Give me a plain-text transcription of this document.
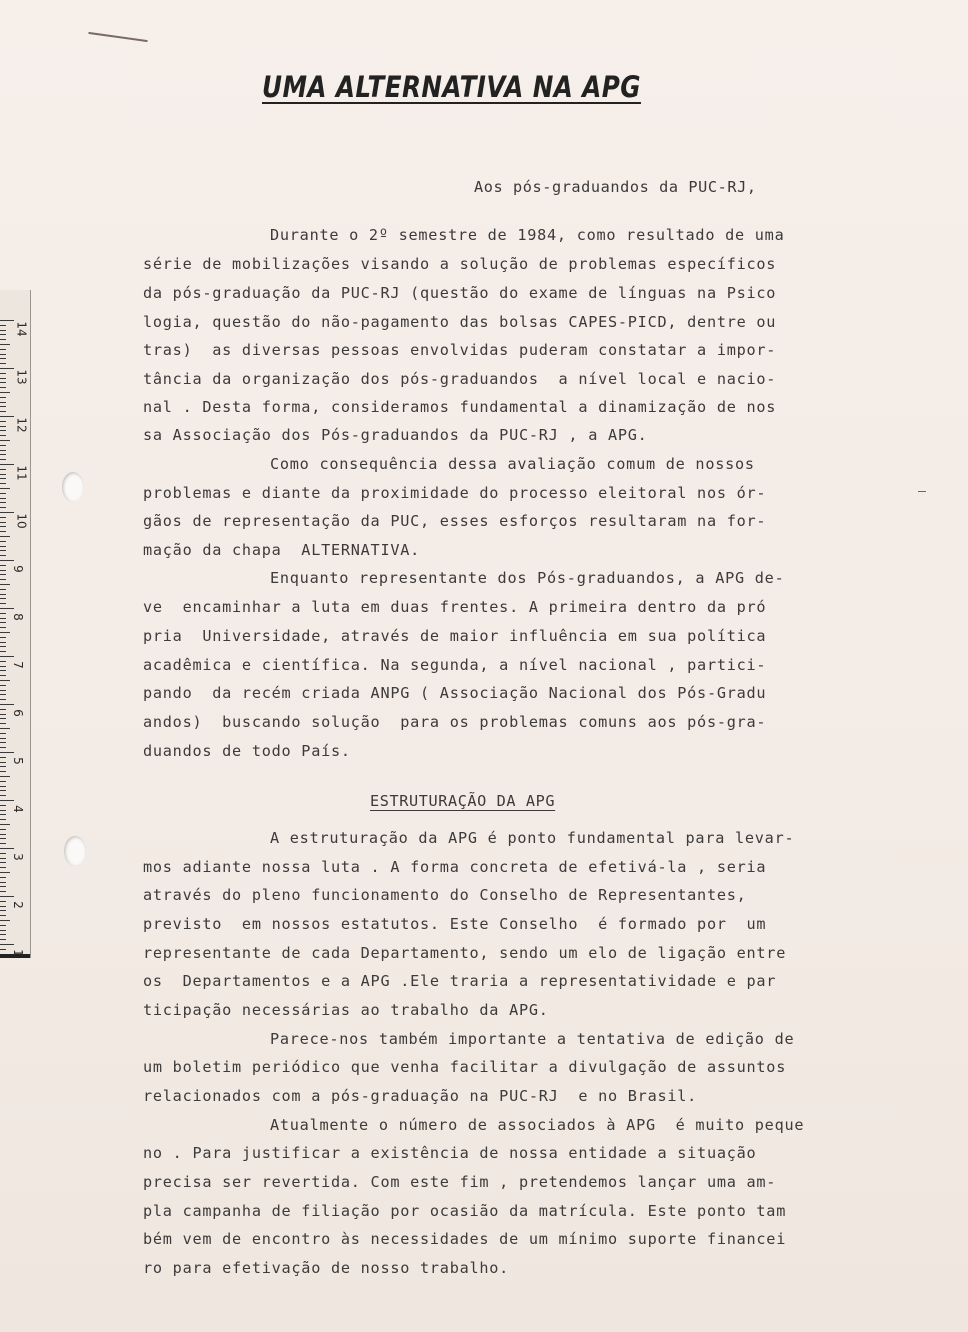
14
13
12
11
10
9
8
7
6
5
4
3
2
1
UMA ALTERNATIVA NA APG
Aos pós-graduandos da PUC-RJ,
Durante o 2º semestre de 1984, como resultado de uma
série de mobilizações visando a solução de problemas específicos
da pós-graduação da PUC-RJ (questão do exame de línguas na Psico
logia, questão do não-pagamento das bolsas CAPES-PICD, dentre ou
tras)  as diversas pessoas envolvidas puderam constatar a impor-
tância da organização dos pós-graduandos  a nível local e nacio-
nal . Desta forma, consideramos fundamental a dinamização de nos
sa Associação dos Pós-graduandos da PUC-RJ , a APG.
Como consequência dessa avaliação comum de nossos
problemas e diante da proximidade do processo eleitoral nos ór-
gãos de representação da PUC, esses esforços resultaram na for-
mação da chapa  ALTERNATIVA.
Enquanto representante dos Pós-graduandos, a APG de-
ve  encaminhar a luta em duas frentes. A primeira dentro da pró
pria  Universidade, através de maior influência em sua política
acadêmica e científica. Na segunda, a nível nacional , partici-
pando  da recém criada ANPG ( Associação Nacional dos Pós-Gradu
andos)  buscando solução  para os problemas comuns aos pós-gra-
duandos de todo País.
ESTRUTURAÇÃO DA APG
A estruturação da APG é ponto fundamental para levar-
mos adiante nossa luta . A forma concreta de efetivá-la , seria
através do pleno funcionamento do Conselho de Representantes,
previsto  em nossos estatutos. Este Conselho  é formado por  um
representante de cada Departamento, sendo um elo de ligação entre
os  Departamentos e a APG .Ele traria a representatividade e par
ticipação necessárias ao trabalho da APG.
Parece-nos também importante a tentativa de edição de
um boletim periódico que venha facilitar a divulgação de assuntos
relacionados com a pós-graduação na PUC-RJ  e no Brasil.
Atualmente o número de associados à APG  é muito peque
no . Para justificar a existência de nossa entidade a situação
precisa ser revertida. Com este fim , pretendemos lançar uma am-
pla campanha de filiação por ocasião da matrícula. Este ponto tam
bém vem de encontro às necessidades de um mínimo suporte financei
ro para efetivação de nosso trabalho.
